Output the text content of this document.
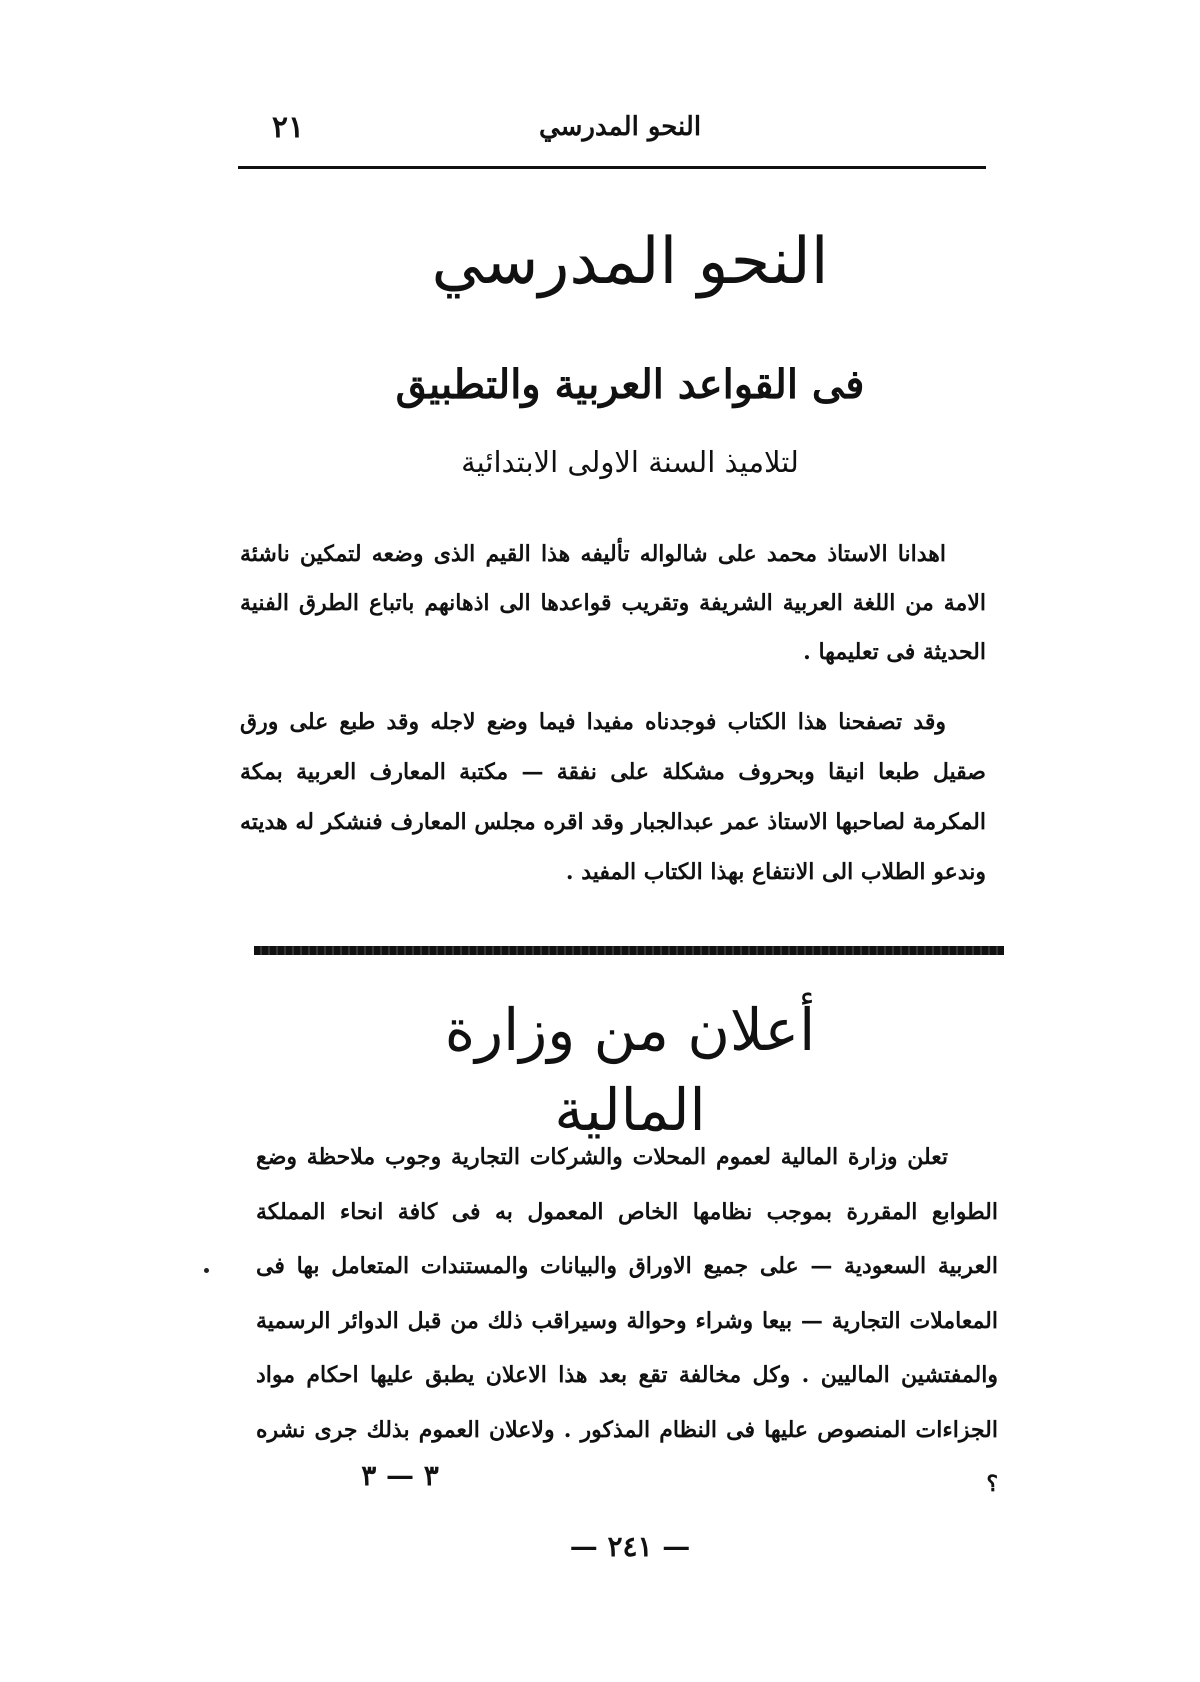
النحو المدرسي
٢١
النحو المدرسي
فى القواعد العربية والتطبيق
لتلاميذ السنة الاولى الابتدائية
اهدانا الاستاذ محمد على شالواله تأليفه هذا القيم الذى وضعه لتمكين ناشئة الامة من اللغة العربية الشريفة وتقريب قواعدها الى اذهانهم باتباع الطرق الفنية الحديثة فى تعليمها .
وقد تصفحنا هذا الكتاب فوجدناه مفيدا فيما وضع لاجله وقد طبع على ورق صقيل طبعا انيقا وبحروف مشكلة على نفقة — مكتبة المعارف العربية بمكة المكرمة لصاحبها الاستاذ عمر عبدالجبار وقد اقره مجلس المعارف فنشكر له هديته وندعو الطلاب الى الانتفاع بهذا الكتاب المفيد .
أعلان من وزارة المالية
تعلن وزارة المالية لعموم المحلات والشركات التجارية وجوب ملاحظة وضع الطوابع المقررة بموجب نظامها الخاص المعمول به فى كافة انحاء المملكة العربية السعودية — على جميع الاوراق والبيانات والمستندات المتعامل بها فى المعاملات التجارية — بيعا وشراء وحوالة وسيراقب ذلك من قبل الدوائر الرسمية والمفتشين الماليين . وكل مخالفة تقع بعد هذا الاعلان يطبق عليها احكام مواد الجزاءات المنصوص عليها فى النظام المذكور . ولاعلان العموم بذلك جرى نشره ؟
٣ — ٣
— ٢٤١ —
